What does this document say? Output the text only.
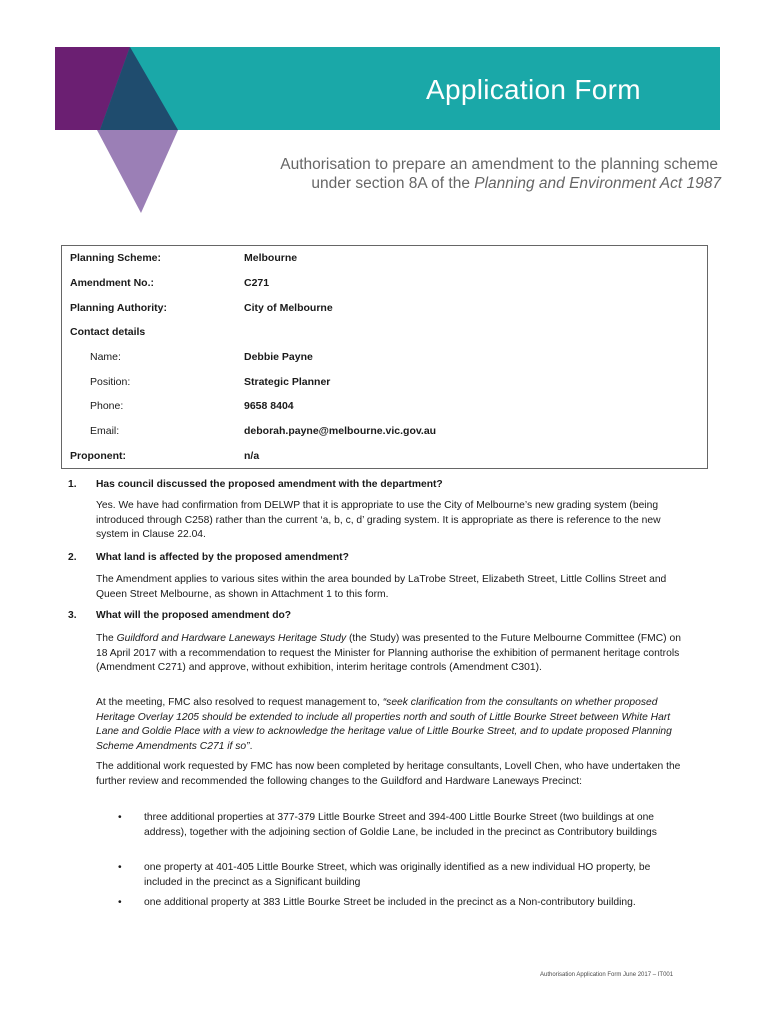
Application Form
Authorisation to prepare an amendment to the planning scheme
under section 8A of the Planning and Environment Act 1987
Planning Scheme:	Melbourne
Amendment No.:	C271
Planning Authority:	City of Melbourne
Contact details	
Name:	Debbie Payne
Position:	Strategic Planner
Phone:	9658 8404
Email:	deborah.payne@melbourne.vic.gov.au
Proponent:	n/a
1. Has council discussed the proposed amendment with the department?
Yes. We have had confirmation from DELWP that it is appropriate to use the City of Melbourne’s new grading system (being introduced through C258) rather than the current ‘a, b, c, d’ grading system. It is appropriate as there is reference to the new system in Clause 22.04.
2. What land is affected by the proposed amendment?
The Amendment applies to various sites within the area bounded by LaTrobe Street, Elizabeth Street, Little Collins Street and Queen Street Melbourne, as shown in Attachment 1 to this form.
3. What will the proposed amendment do?
The Guildford and Hardware Laneways Heritage Study (the Study) was presented to the Future Melbourne Committee (FMC) on 18 April 2017 with a recommendation to request the Minister for Planning authorise the exhibition of permanent heritage controls (Amendment C271) and approve, without exhibition, interim heritage controls (Amendment C301).
At the meeting, FMC also resolved to request management to, “seek clarification from the consultants on whether proposed Heritage Overlay 1205 should be extended to include all properties north and south of Little Bourke Street between White Hart Lane and Goldie Place with a view to acknowledge the heritage value of Little Bourke Street, and to update proposed Planning Scheme Amendments C271 if so”.
The additional work requested by FMC has now been completed by heritage consultants, Lovell Chen, who have undertaken the further review and recommended the following changes to the Guildford and Hardware Laneways Precinct:
• three additional properties at 377-379 Little Bourke Street and 394-400 Little Bourke Street (two buildings at one address), together with the adjoining section of Goldie Lane, be included in the precinct as Contributory buildings
• one property at 401-405 Little Bourke Street, which was originally identified as a new individual HO property, be included in the precinct as a Significant building
• one additional property at 383 Little Bourke Street be included in the precinct as a Non-contributory building.
Authorisation Application Form June 2017 – IT001
